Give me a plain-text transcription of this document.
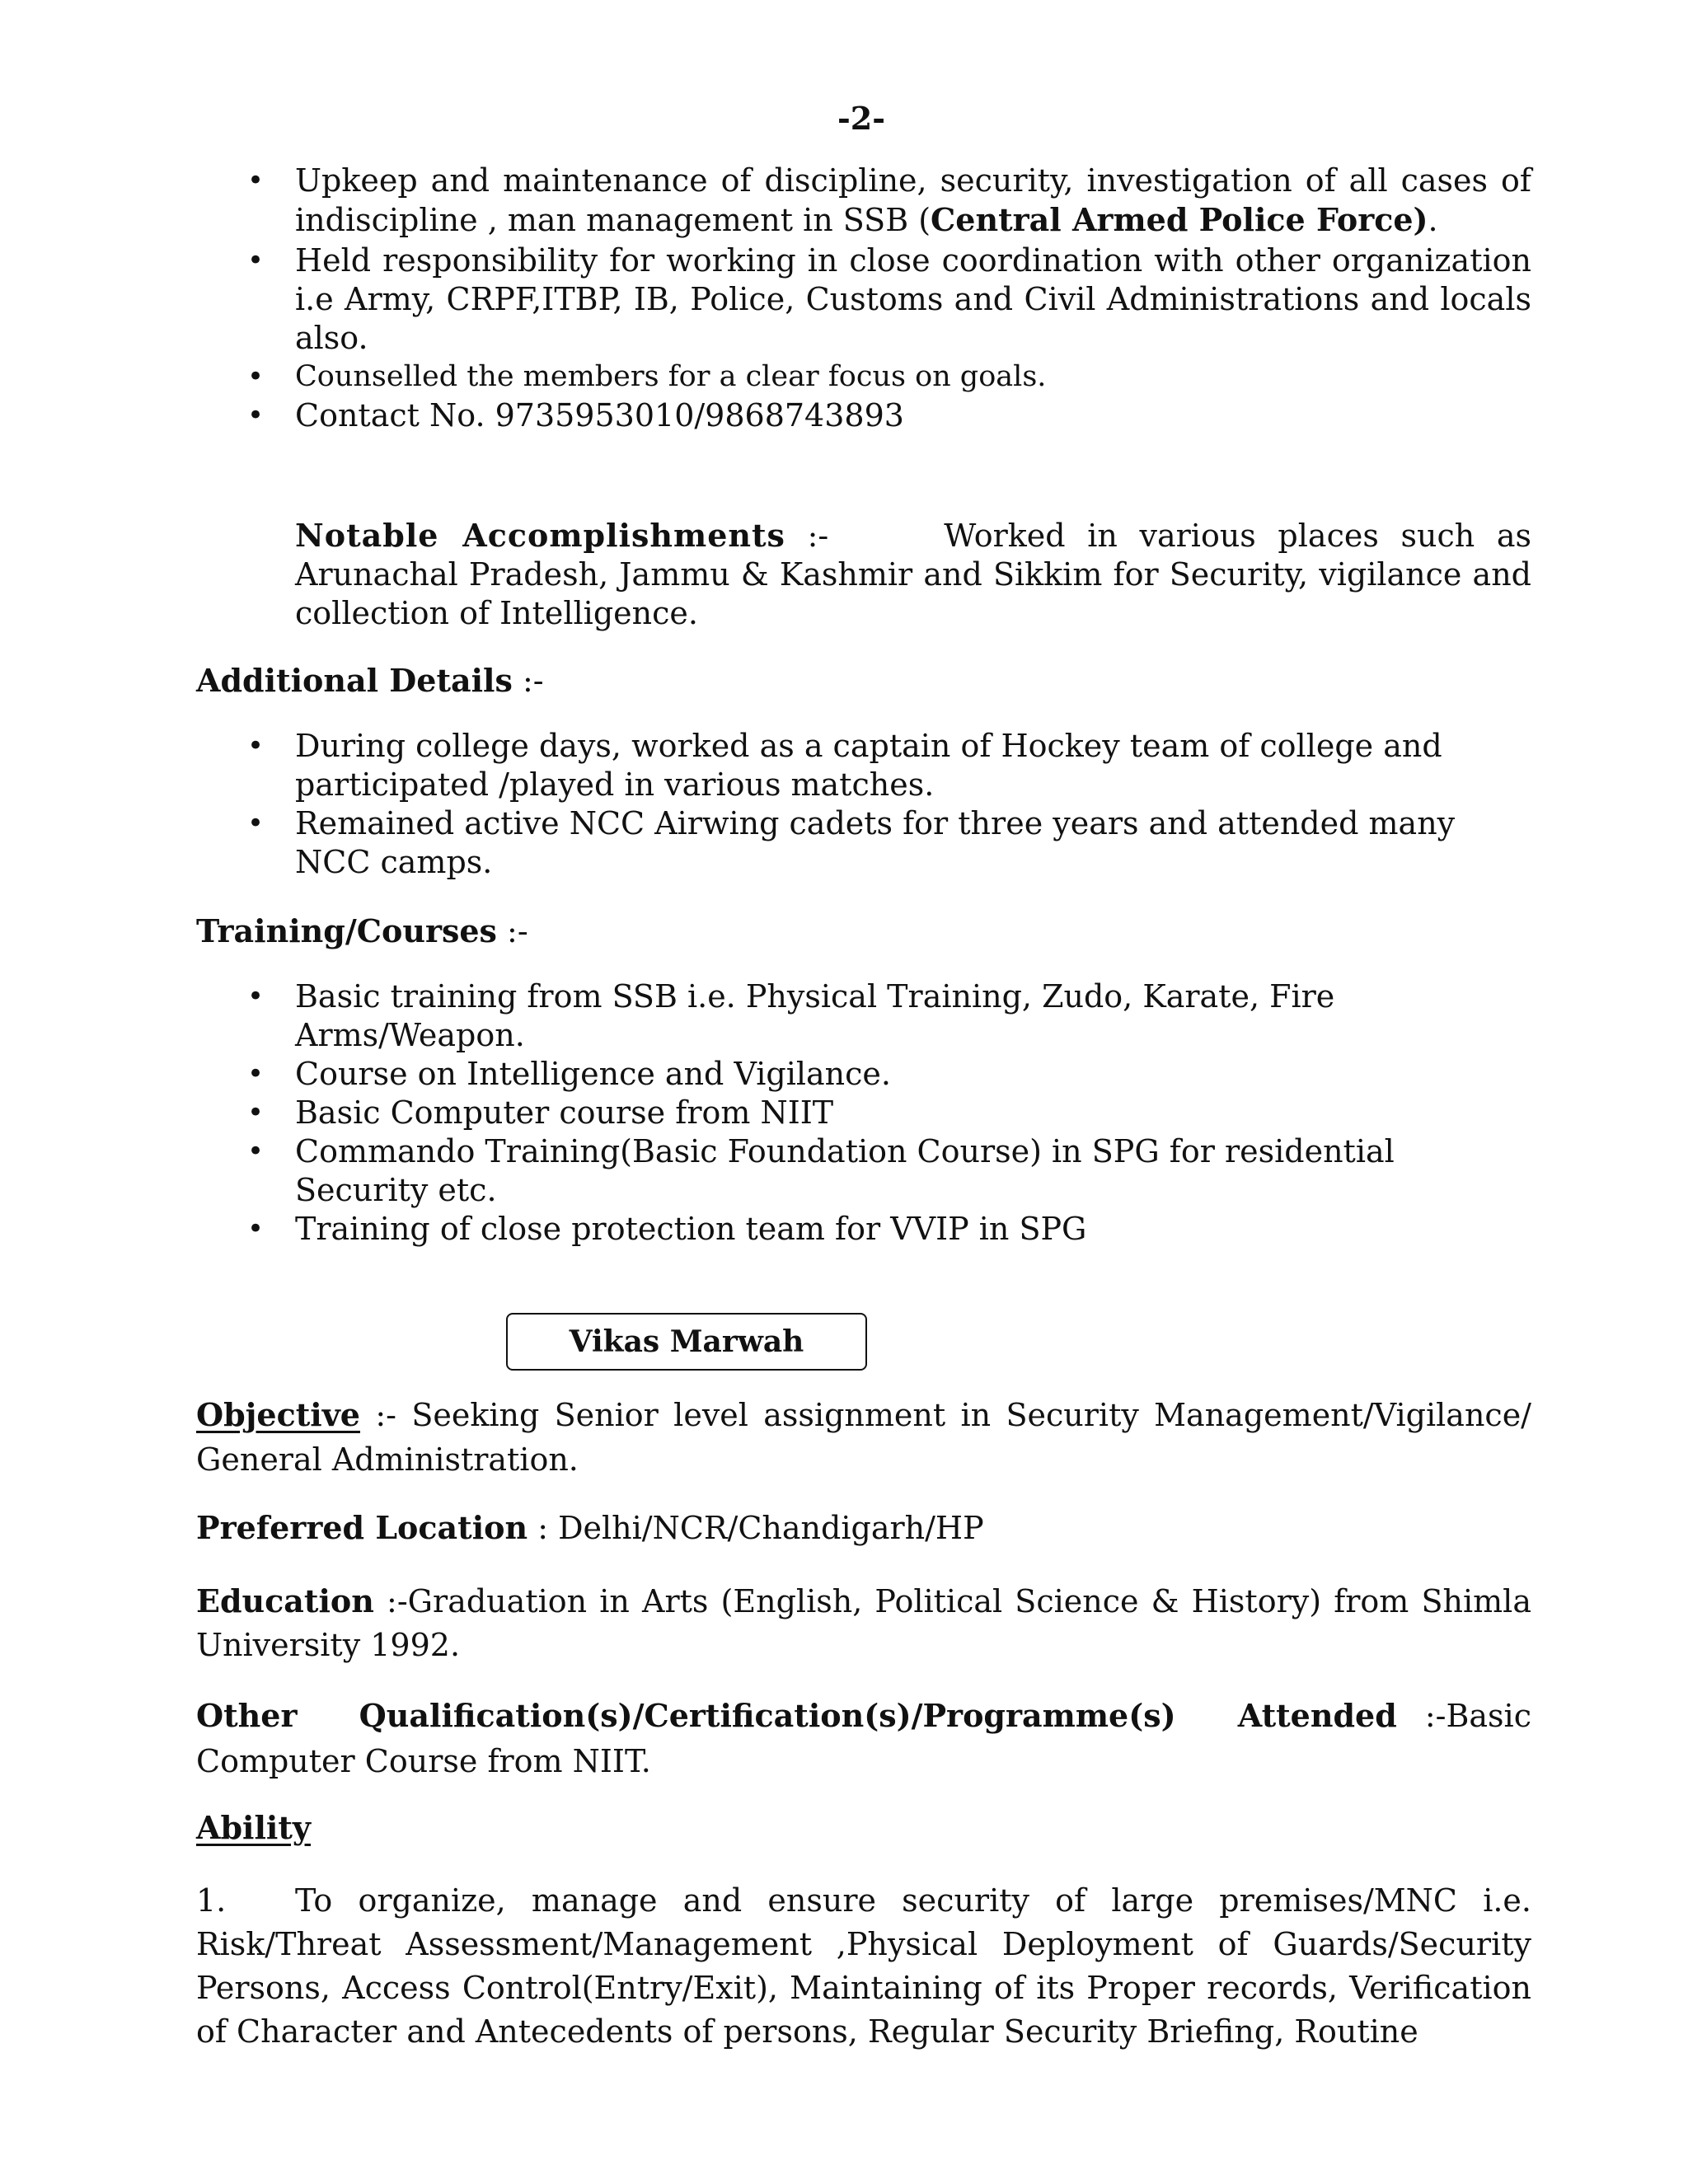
-2-
• Upkeep and maintenance of discipline, security, investigation of all cases of indiscipline , man management in SSB (Central Armed Police Force).
• Held responsibility for working in close coordination with other organization i.e Army, CRPF,ITBP, IB, Police, Customs and Civil Administrations and locals also.
• Counselled the members for a clear focus on goals.
• Contact No. 9735953010/9868743893
Notable Accomplishments :-	Worked in various places such as Arunachal Pradesh, Jammu & Kashmir and Sikkim for Security, vigilance and collection of Intelligence.
Additional Details :-
• During college days, worked as a captain of Hockey team of college and participated /played in various matches.
• Remained active NCC Airwing cadets for three years and attended many NCC camps.
Training/Courses :-
• Basic training from SSB i.e. Physical Training, Zudo, Karate, Fire Arms/Weapon.
• Course on Intelligence and Vigilance.
• Basic Computer course from NIIT
• Commando Training(Basic Foundation Course) in SPG for residential Security etc.
• Training of close protection team for VVIP in SPG
Vikas Marwah
Objective :- Seeking Senior level assignment in Security Management/Vigilance/ General Administration.
Preferred Location : Delhi/NCR/Chandigarh/HP
Education :-Graduation in Arts (English, Political Science & History) from Shimla University 1992.
Other Qualification(s)/Certification(s)/Programme(s) Attended :-Basic Computer Course from NIIT.
Ability
1. To organize, manage and ensure security of large premises/MNC i.e. Risk/Threat Assessment/Management ,Physical Deployment of Guards/Security Persons, Access Control(Entry/Exit), Maintaining of its Proper records, Verification of Character and Antecedents of persons, Regular Security Briefing, Routine
